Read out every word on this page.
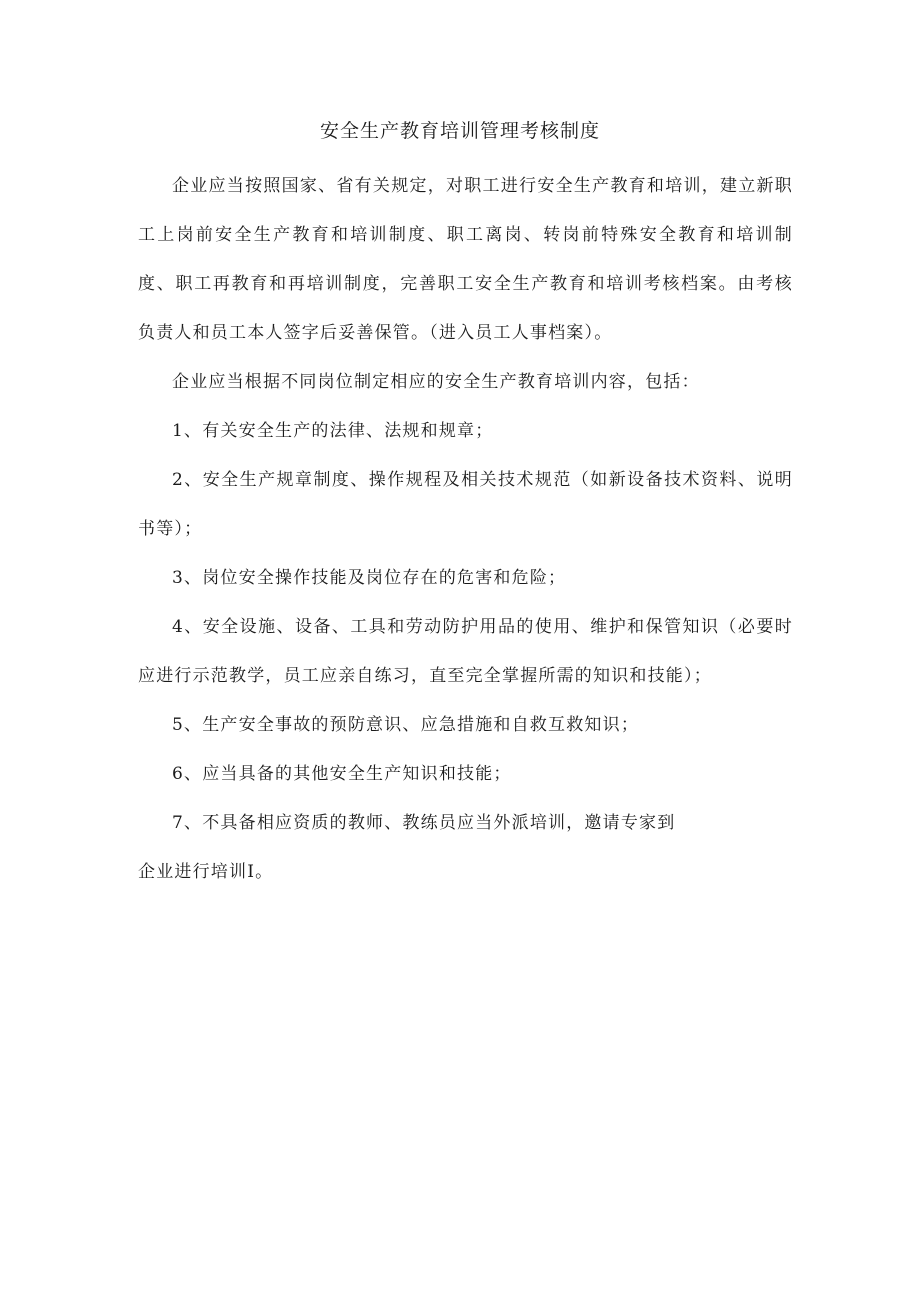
安全生产教育培训管理考核制度

企业应当按照国家、省有关规定，对职工进行安全生产教育和培训，建立新职工上岗前安全生产教育和培训制度、职工离岗、转岗前特殊安全教育和培训制度、职工再教育和再培训制度，完善职工安全生产教育和培训考核档案。由考核负责人和员工本人签字后妥善保管。（进入员工人事档案）。

企业应当根据不同岗位制定相应的安全生产教育培训内容，包括：

1、有关安全生产的法律、法规和规章；

2、安全生产规章制度、操作规程及相关技术规范（如新设备技术资料、说明书等）；

3、岗位安全操作技能及岗位存在的危害和危险；

4、安全设施、设备、工具和劳动防护用品的使用、维护和保管知识（必要时应进行示范教学，员工应亲自练习，直至完全掌握所需的知识和技能）；

5、生产安全事故的预防意识、应急措施和自救互救知识；

6、应当具备的其他安全生产知识和技能；

7、不具备相应资质的教师、教练员应当外派培训，邀请专家到

企业进行培训I。
